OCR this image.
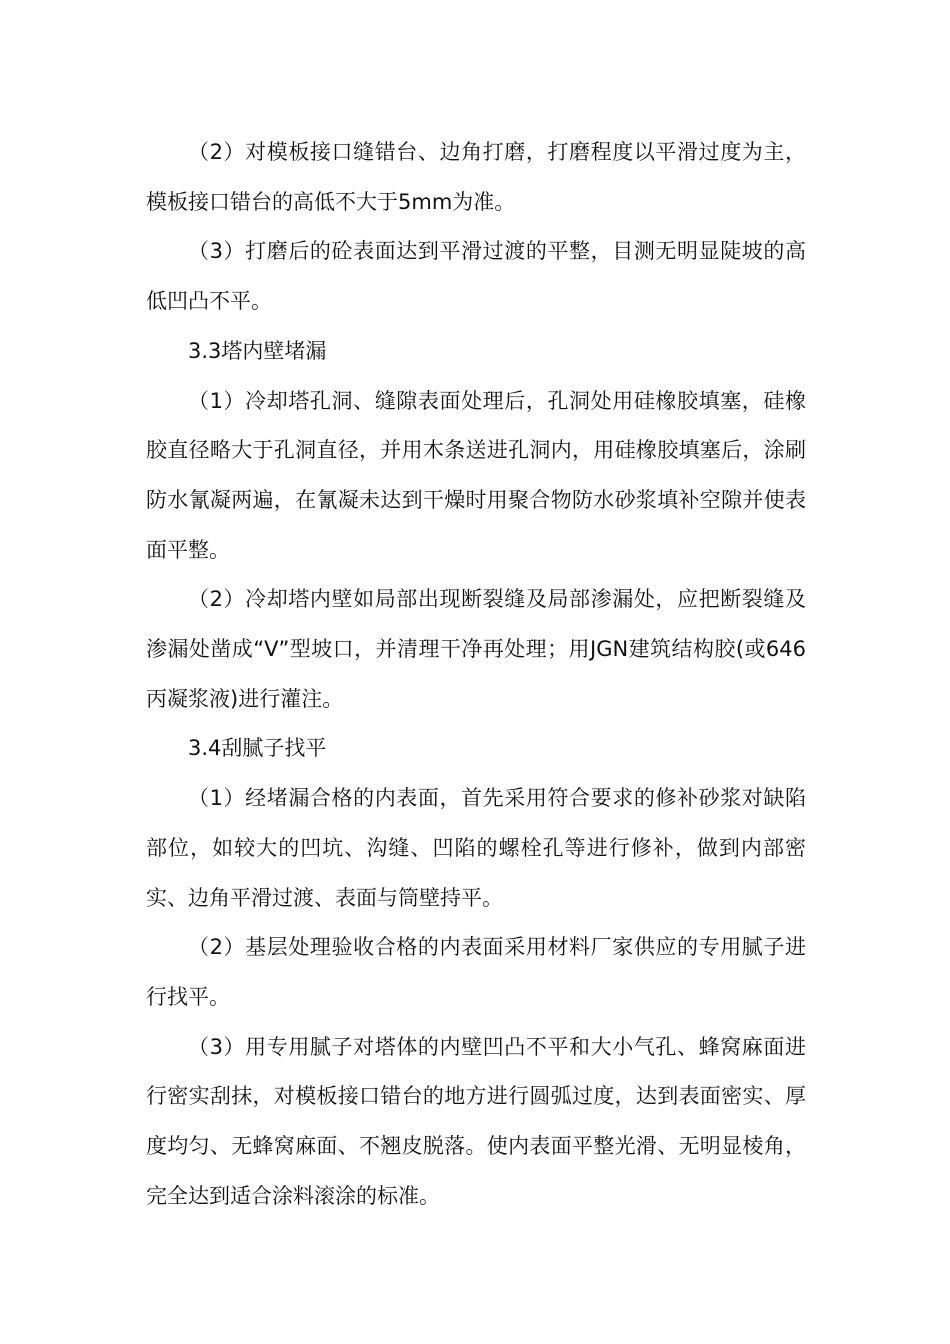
（2）对模板接口缝错台、边角打磨，打磨程度以平滑过度为主，模板接口错台的高低不大于5mm为准。

（3）打磨后的砼表面达到平滑过渡的平整，目测无明显陡坡的高低凹凸不平。

3.3塔内壁堵漏

（1）冷却塔孔洞、缝隙表面处理后，孔洞处用硅橡胶填塞，硅橡胶直径略大于孔洞直径，并用木条送进孔洞内，用硅橡胶填塞后，涂刷防水氰凝两遍，在氰凝未达到干燥时用聚合物防水砂浆填补空隙并使表面平整。

（2）冷却塔内壁如局部出现断裂缝及局部渗漏处，应把断裂缝及渗漏处凿成“V”型坡口，并清理干净再处理；用JGN建筑结构胶(或646丙凝浆液)进行灌注。

3.4刮腻子找平

（1）经堵漏合格的内表面，首先采用符合要求的修补砂浆对缺陷部位，如较大的凹坑、沟缝、凹陷的螺栓孔等进行修补，做到内部密实、边角平滑过渡、表面与筒壁持平。

（2）基层处理验收合格的内表面采用材料厂家供应的专用腻子进行找平。

（3）用专用腻子对塔体的内壁凹凸不平和大小气孔、蜂窝麻面进行密实刮抹，对模板接口错台的地方进行圆弧过度，达到表面密实、厚度均匀、无蜂窝麻面、不翘皮脱落。使内表面平整光滑、无明显棱角，完全达到适合涂料滚涂的标准。
